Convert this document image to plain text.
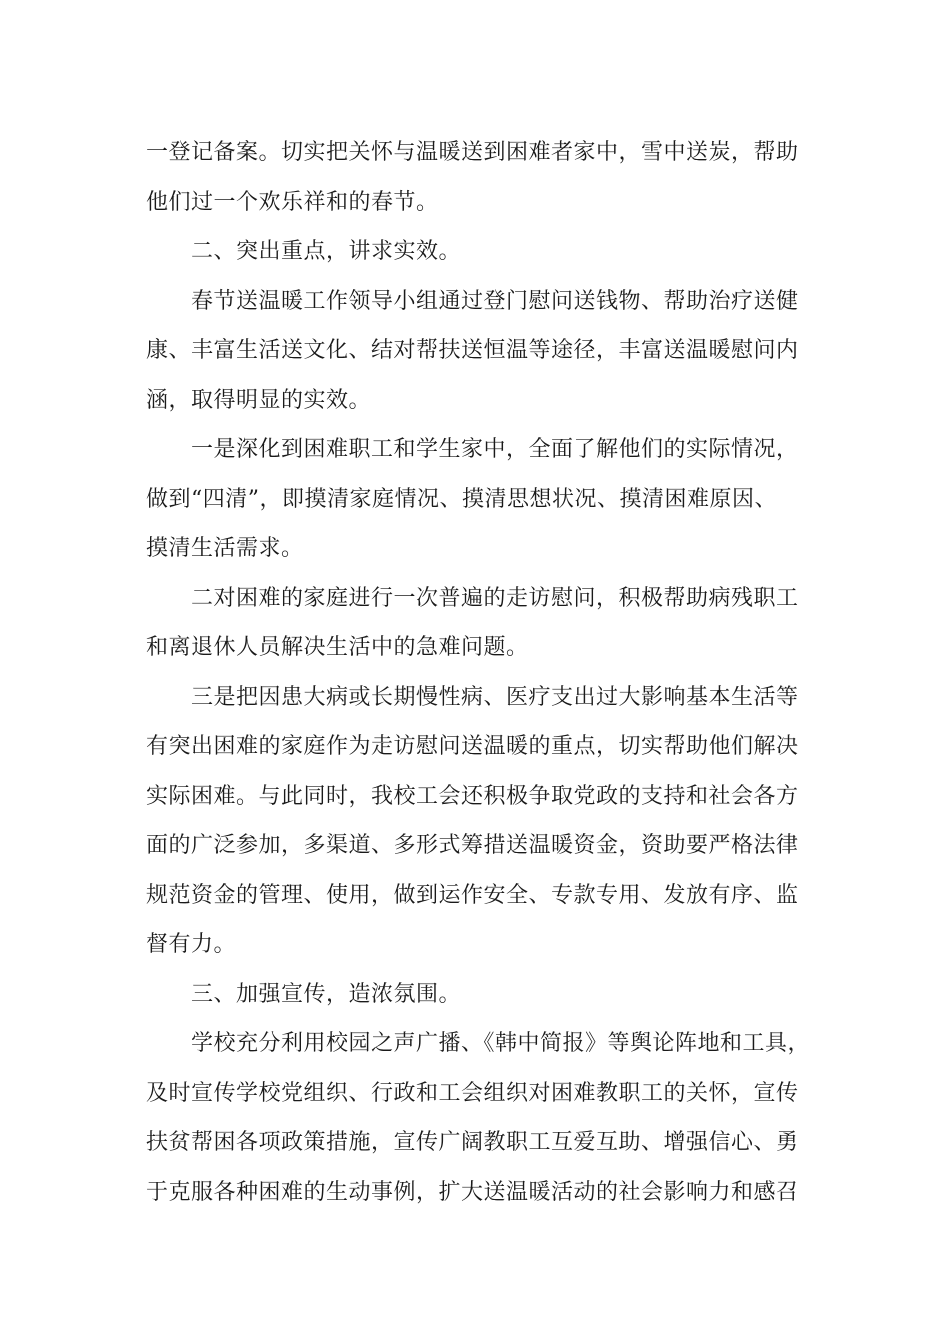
一登记备案。切实把关怀与温暖送到困难者家中，雪中送炭，帮助
他们过一个欢乐祥和的春节。
二、突出重点，讲求实效。
春节送温暖工作领导小组通过登门慰问送钱物、帮助治疗送健
康、丰富生活送文化、结对帮扶送恒温等途径，丰富送温暖慰问内
涵，取得明显的实效。
一是深化到困难职工和学生家中，全面了解他们的实际情况，
做到“四清”，即摸清家庭情况、摸清思想状况、摸清困难原因、
摸清生活需求。
二对困难的家庭进行一次普遍的走访慰问，积极帮助病残职工
和离退休人员解决生活中的急难问题。
三是把因患大病或长期慢性病、医疗支出过大影响基本生活等
有突出困难的家庭作为走访慰问送温暖的重点，切实帮助他们解决
实际困难。与此同时，我校工会还积极争取党政的支持和社会各方
面的广泛参加，多渠道、多形式筹措送温暖资金，资助要严格法律
规范资金的管理、使用，做到运作安全、专款专用、发放有序、监
督有力。
三、加强宣传，造浓氛围。
学校充分利用校园之声广播、《韩中简报》等舆论阵地和工具，
及时宣传学校党组织、行政和工会组织对困难教职工的关怀，宣传
扶贫帮困各项政策措施，宣传广阔教职工互爱互助、增强信心、勇
于克服各种困难的生动事例，扩大送温暖活动的社会影响力和感召
